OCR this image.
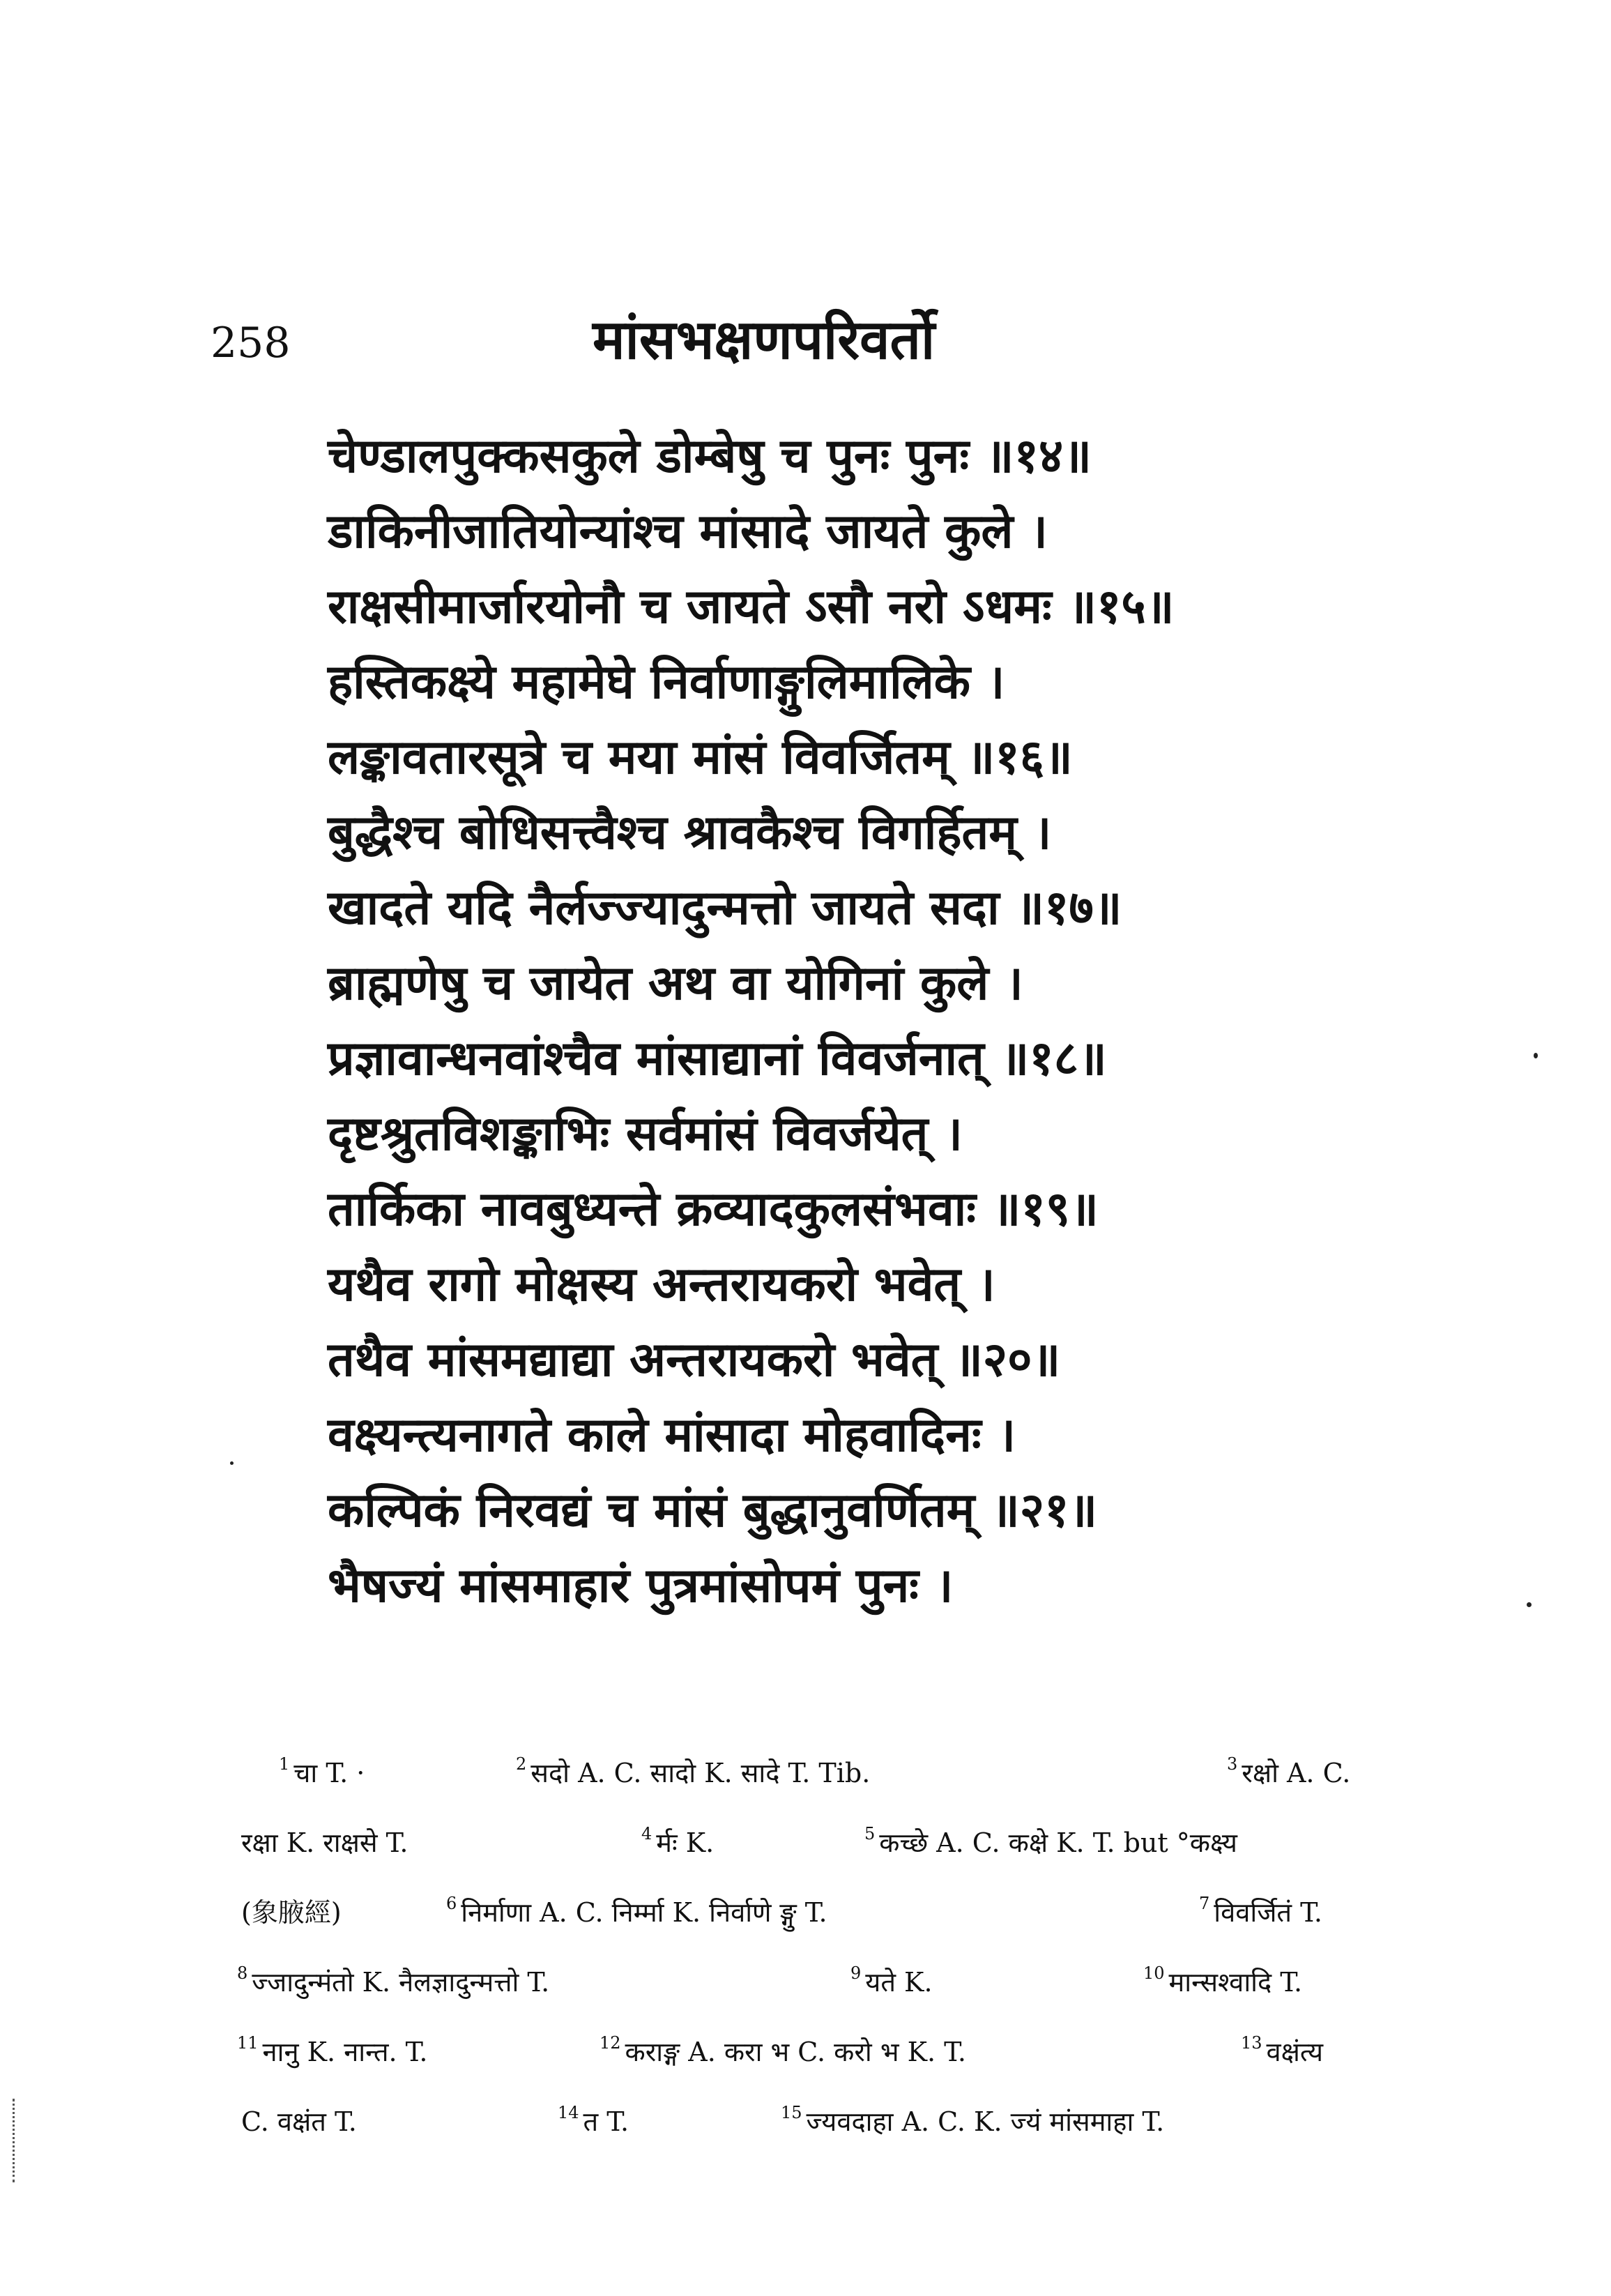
258	मांसभक्षणपरिवर्तो
चेण्डालपुक्कसकुले डोम्बेषु च पुनः पुनः ॥१४॥
डाकिनीजातियोन्यांश्च मांसादे जायते कुले ।
राक्षसीमार्जारयोनौ च जायते ऽसौ नरो ऽधमः ॥१५॥
हस्तिकक्ष्ये महामेघे निर्वाणाङ्गुलिमालिके ।
लङ्कावतारसूत्रे च मया मांसं विवर्जितम् ॥१६॥
बुद्धैश्च बोधिसत्त्वैश्च श्रावकैश्च विगर्हितम् ।
खादते यदि नैर्लज्ज्यादुन्मत्तो जायते सदा ॥१७॥
ब्राह्मणेषु च जायेत अथ वा योगिनां कुले ।
प्रज्ञावान्धनवांश्चैव मांसाद्यानां विवर्जनात् ॥१८॥
दृष्टश्रुतविशङ्काभिः सर्वमांसं विवर्जयेत् ।
तार्किका नावबुध्यन्ते क्रव्यादकुलसंभवाः ॥१९॥
यथैव रागो मोक्षस्य अन्तरायकरो भवेत् ।
तथैव मांसमद्याद्या अन्तरायकरो भवेत् ॥२०॥
वक्ष्यन्त्यनागते काले मांसादा मोहवादिनः ।
कल्पिकं निरवद्यं च मांसं बुद्धानुवर्णितम् ॥२१॥
भैषज्यं मांसमाहारं पुत्रमांसोपमं पुनः ।
$^1$ चा T. ·	$^2$ सदो A. C. सादो K. सादे T. Tib.	$^3$ रक्षो A. C.
रक्षा K. राक्षसे T.	$^4$ र्मः K.	$^5$ कच्छे A. C. कक्षे K. T. but °कक्ष्य
(象腋經)	$^6$ निर्माणा A. C. निर्म्मा K. निर्वाणे ङ्गु T.	$^7$ विवर्जितं T.
$^8$ ज्जादुन्मंतो K. नैलज्ञादुन्मत्तो T.	$^9$ यते K.	$^{10}$ मान्सश्वादि T.
$^{11}$ नानु K. नान्त. T.	$^{12}$ कराङ्ग A. करा भ C. करो भ K. T.	$^{13}$ वक्षंत्य
C. वक्षंत T.	$^{14}$ त T.	$^{15}$ ज्यवदाहा A. C. K. ज्यं मांसमाहा T.
